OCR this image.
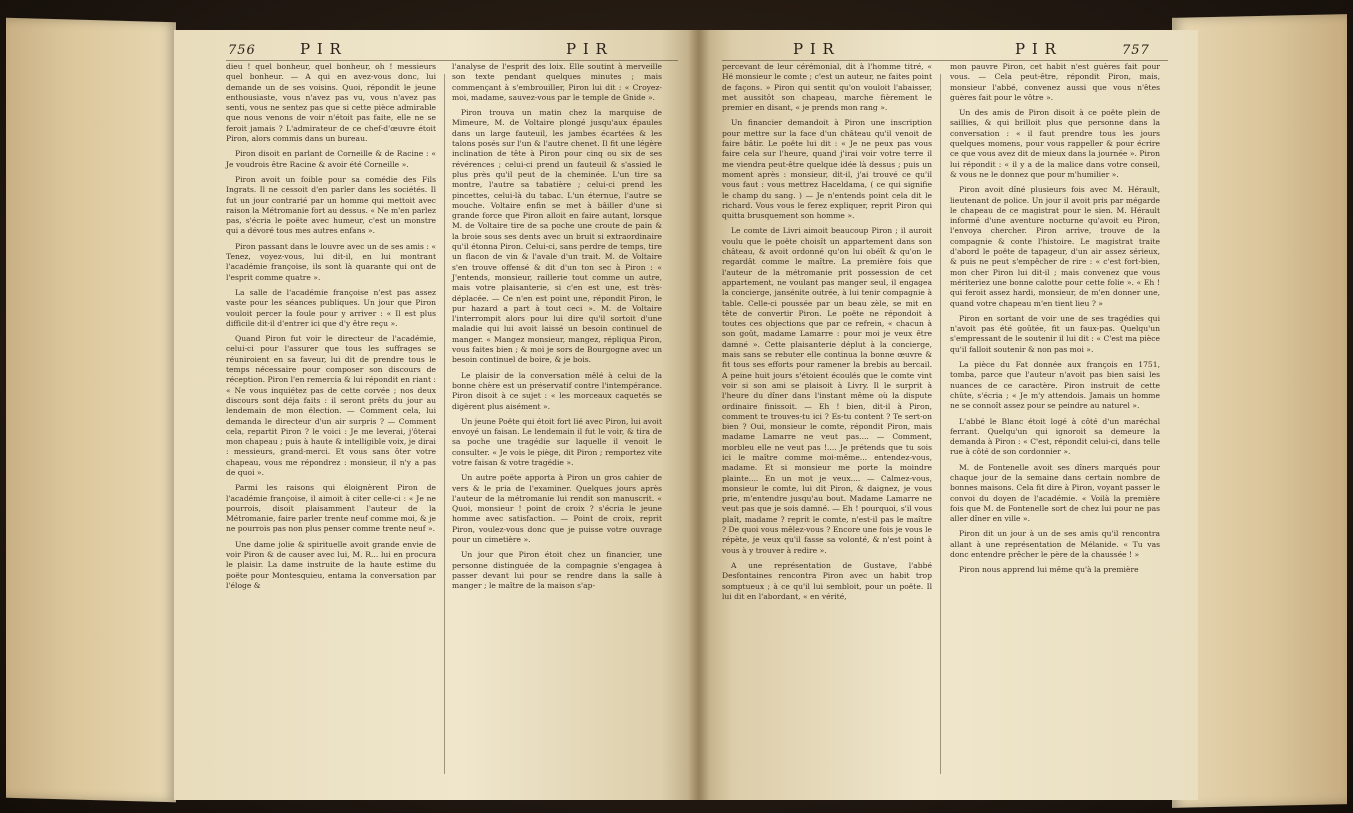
756	P I R	P I R	P I R	P I R	757

dieu ! quel bonheur, quel bonheur, oh ! messieurs quel bonheur. — A qui en avez-vous donc, lui demande un de ses voisins. Quoi, répondit le jeune enthousiaste, vous n'avez pas vu, vous n'avez pas senti, vous ne sentez pas que si cette pièce admirable que nous venons de voir n'étoit pas faite, elle ne se feroit jamais ? L'admirateur de ce chef-d'œuvre étoit Piron, alors commis dans un bureau.

Piron disoit en parlant de Corneille & de Racine : « Je voudrois être Racine & avoir été Corneille ».

Piron avoit un foible pour sa comédie des Fils Ingrats. Il ne cessoit d'en parler dans les sociétés. Il fut un jour contrarié par un homme qui mettoit avec raison la Métromanie fort au dessus. « Ne m'en parlez pas, s'écria le poëte avec humeur, c'est un monstre qui a dévoré tous mes autres enfans ».

Piron passant dans le louvre avec un de ses amis : « Tenez, voyez-vous, lui dit-il, en lui montrant l'académie françoise, ils sont là quarante qui ont de l'esprit comme quatre ».

La salle de l'académie françoise n'est pas assez vaste pour les séances publiques. Un jour que Piron vouloit percer la foule pour y arriver : « Il est plus difficile dit-il d'entrer ici que d'y être reçu ».

Quand Piron fut voir le directeur de l'académie, celui-ci pour l'assurer que tous les suffrages se réuniroient en sa faveur, lui dit de prendre tous le temps nécessaire pour composer son discours de réception. Piron l'en remercia & lui répondit en riant : « Ne vous inquiétez pas de cette corvée ; nos deux discours sont déja faits : il seront prêts du jour au lendemain de mon élection. — Comment cela, lui demanda le directeur d'un air surpris ? — Comment cela, repartit Piron ? le voici : Je me leverai, j'ôterai mon chapeau ; puis à haute & intelligible voix, je dirai : messieurs, grand-merci. Et vous sans ôter votre chapeau, vous me répondrez : monsieur, il n'y a pas de quoi ».

Parmi les raisons qui éloignèrent Piron de l'académie françoise, il aimoit à citer celle-ci : « Je ne pourrois, disoit plaisamment l'auteur de la Métromanie, faire parler trente neuf comme moi, & je ne pourrois pas non plus penser comme trente neuf ».

Une dame jolie & spirituelle avoit grande envie de voir Piron & de causer avec lui, M. R... lui en procura le plaisir. La dame instruite de la haute estime du poëte pour Montesquieu, entama la conversation par l'éloge &

l'analyse de l'esprit des loix. Elle soutint à merveille son texte pendant quelques minutes ; mais commençant à s'embrouiller, Piron lui dit : « Croyez-moi, madame, sauvez-vous par le temple de Gnide ».

Piron trouva un matin chez la marquise de Mimeure, M. de Voltaire plongé jusqu'aux épaules dans un large fauteuil, les jambes écartées & les talons posés sur l'un & l'autre chenet. Il fit une légère inclination de tête à Piron pour cinq ou six de ses révérences ; celui-ci prend un fauteuil & s'assied le plus près qu'il peut de la cheminée. L'un tire sa montre, l'autre sa tabatière ; celui-ci prend les pincettes, celui-là du tabac. L'un éternue, l'autre se mouche. Voltaire enfin se met à bâiller d'une si grande force que Piron alloit en faire autant, lorsque M. de Voltaire tire de sa poche une croute de pain & la broie sous ses dents avec un bruit si extraordinaire qu'il étonna Piron. Celui-ci, sans perdre de temps, tire un flacon de vin & l'avale d'un trait. M. de Voltaire s'en trouve offensé & dit d'un ton sec à Piron : « J'entends, monsieur, raillerie tout comme un autre, mais votre plaisanterie, si c'en est une, est très-déplacée. — Ce n'en est point une, répondit Piron, le pur hazard a part à tout ceci ». M. de Voltaire l'interrompit alors pour lui dire qu'il sortoit d'une maladie qui lui avoit laissé un besoin continuel de manger. « Mangez monsieur, mangez, répliqua Piron, vous faites bien ; & moi je sors de Bourgogne avec un besoin continuel de boire, & je bois.

Le plaisir de la conversation mêlé à celui de la bonne chère est un préservatif contre l'intempérance. Piron disoit à ce sujet : « les morceaux caquetés se digèrent plus aisément ».

Un jeune Poëte qui étoit fort lié avec Piron, lui avoit envoyé un faisan. Le lendemain il fut le voir, & tira de sa poche une tragédie sur laquelle il venoit le consulter. « Je vois le piège, dit Piron ; remportez vite votre faisan & votre tragédie ».

Un autre poëte apporta à Piron un gros cahier de vers & le pria de l'examiner. Quelques jours après l'auteur de la métromanie lui rendit son manuscrit. « Quoi, monsieur ! point de croix ? s'écria le jeune homme avec satisfaction. — Point de croix, reprit Piron, voulez-vous donc que je puisse votre ouvrage pour un cimetière ».

Un jour que Piron étoit chez un financier, une personne distinguée de la compagnie s'engagea à passer devant lui pour se rendre dans la salle à manger ; le maître de la maison s'ap-

percevant de leur cérémonial, dit à l'homme titré, « Hé monsieur le comte ; c'est un auteur, ne faites point de façons. » Piron qui sentit qu'on vouloit l'abaisser, met aussitôt son chapeau, marche fièrement le premier en disant, « je prends mon rang ».

Un financier demandoit à Piron une inscription pour mettre sur la face d'un château qu'il venoit de faire bâtir. Le poëte lui dit : « Je ne peux pas vous faire cela sur l'heure, quand j'irai voir votre terre il me viendra peut-être quelque idée là dessus ; puis un moment après : monsieur, dit-il, j'ai trouvé ce qu'il vous faut : vous mettrez Haceldama, ( ce qui signifie le champ du sang. ) — Je n'entends point cela dit le richard. Vous vous le ferez expliquer, reprit Piron qui quitta brusquement son homme ».

Le comte de Livri aimoit beaucoup Piron ; il auroit voulu que le poëte choisît un appartement dans son château, & avoit ordonné qu'on lui obéît & qu'on le regardât comme le maître. La première fois que l'auteur de la métromanie prit possession de cet appartement, ne voulant pas manger seul, il engagea la concierge, jansénite outrée, à lui tenir compagnie à table. Celle-ci poussée par un beau zèle, se mit en tête de convertir Piron. Le poëte ne répondoit à toutes ces objections que par ce refrein, « chacun à son goût, madame Lamarre : pour moi je veux être damné ». Cette plaisanterie déplut à la concierge, mais sans se rebuter elle continua la bonne œuvre & fit tous ses efforts pour ramener la brebis au bercail. A peine huit jours s'étoient écoulés que le comte vint voir si son ami se plaisoit à Livry. Il le surprit à l'heure du dîner dans l'instant même où la dispute ordinaire finissoit. — Eh ! bien, dit-il à Piron, comment te trouves-tu ici ? Es-tu content ? Te sert-on bien ? Oui, monsieur le comte, répondit Piron, mais madame Lamarre ne veut pas.... — Comment, morbleu elle ne veut pas !.... Je prétends que tu sois ici le maître comme moi-même... entendez-vous, madame. Et si monsieur me porte la moindre plainte.... En un mot je veux.... — Calmez-vous, monsieur le comte, lui dit Piron, & daignez, je vous prie, m'entendre jusqu'au bout. Madame Lamarre ne veut pas que je sois damné. — Eh ! pourquoi, s'il vous plaît, madame ? reprit le comte, n'est-il pas le maître ? De quoi vous mêlez-vous ? Encore une fois je vous le répète, je veux qu'il fasse sa volonté, & n'est point à vous à y trouver à redire ».

A une représentation de Gustave, l'abbé Desfontaines rencontra Piron avec un habit trop somptueux ; à ce qu'il lui sembloit, pour un poëte. Il lui dit en l'abordant, « en vérité,

mon pauvre Piron, cet habit n'est guères fait pour vous. — Cela peut-être, répondit Piron, mais, monsieur l'abbé, convenez aussi que vous n'êtes guères fait pour le vôtre ».

Un des amis de Piron disoit à ce poëte plein de saillies, & qui brilloit plus que personne dans la conversation : « il faut prendre tous les jours quelques momens, pour vous rappeller & pour écrire ce que vous avez dit de mieux dans la journée ». Piron lui répondit : « il y a de la malice dans votre conseil, & vous ne le donnez que pour m'humilier ».

Piron avoit dîné plusieurs fois avec M. Hérault, lieutenant de police. Un jour il avoit pris par mégarde le chapeau de ce magistrat pour le sien. M. Hérault informé d'une aventure nocturne qu'avoit eu Piron, l'envoya chercher. Piron arrive, trouve de la compagnie & conte l'histoire. Le magistrat traite d'abord le poëte de tapageur, d'un air assez sérieux, & puis ne peut s'empêcher de rire : « c'est fort-bien, mon cher Piron lui dit-il ; mais convenez que vous mériteriez une bonne calotte pour cette folie ». « Eh ! qui feroit assez hardi, monsieur, de m'en donner une, quand votre chapeau m'en tient lieu ? »

Piron en sortant de voir une de ses tragédies qui n'avoit pas été goûtée, fit un faux-pas. Quelqu'un s'empressant de le soutenir il lui dit : « C'est ma pièce qu'il falloit soutenir & non pas moi ».

La pièce du Fat donnée aux françois en 1751, tomba, parce que l'auteur n'avoit pas bien saisi les nuances de ce caractère. Piron instruit de cette chûte, s'écria ; « Je m'y attendois. Jamais un homme ne se connoît assez pour se peindre au naturel ».

L'abbé le Blanc étoit logé à côté d'un maréchal ferrant. Quelqu'un qui ignoroit sa demeure la demanda à Piron : « C'est, répondit celui-ci, dans telle rue à côté de son cordonnier ».

M. de Fontenelle avoit ses dîners marqués pour chaque jour de la semaine dans certain nombre de bonnes maisons. Cela fit dire à Piron, voyant passer le convoi du doyen de l'académie. « Voilà la première fois que M. de Fontenelle sort de chez lui pour ne pas aller dîner en ville ».

Piron dit un jour à un de ses amis qu'il rencontra allant à une représentation de Mélanide. « Tu vas donc entendre prêcher le père de la chaussée ! »

Piron nous apprend lui même qu'à la première
